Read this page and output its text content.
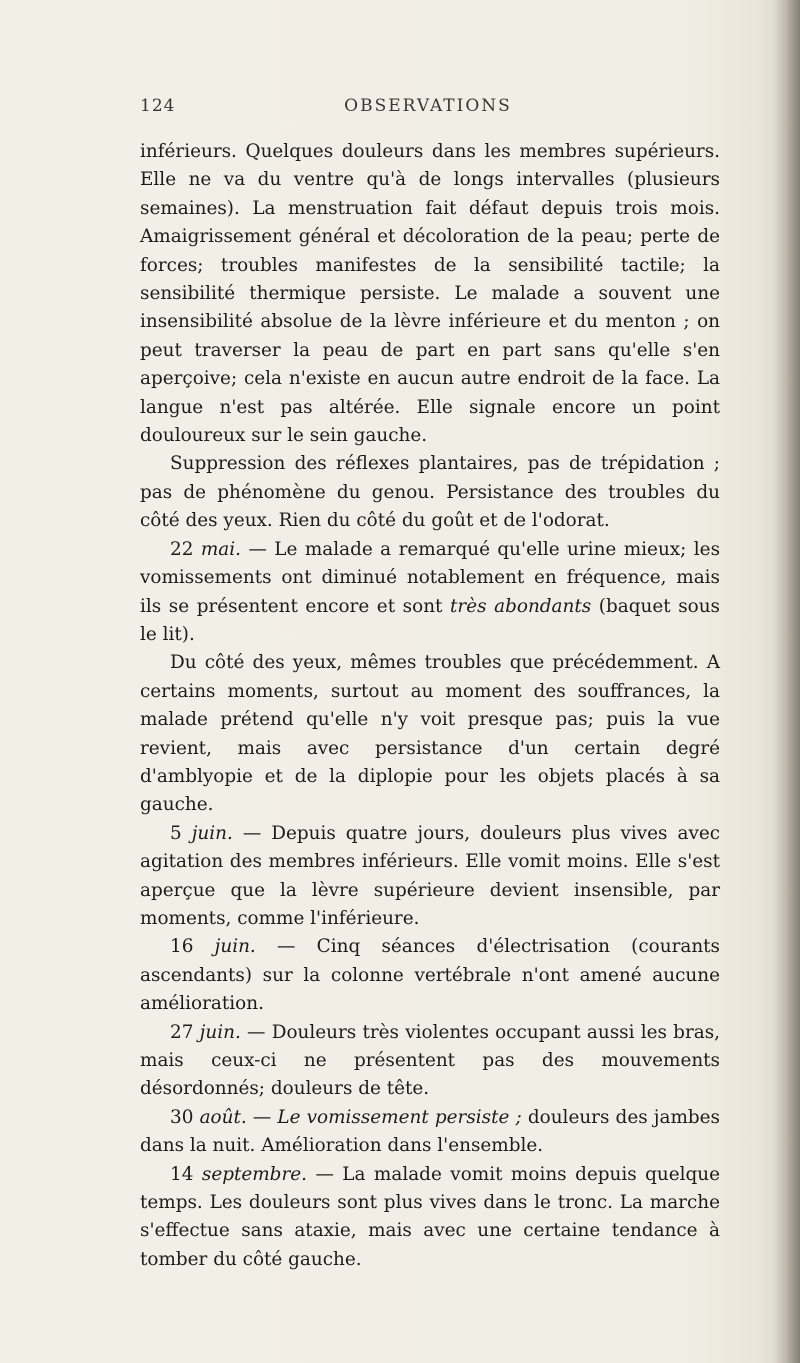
124	OBSERVATIONS

inférieurs. Quelques douleurs dans les membres supérieurs. Elle ne va du ventre qu'à de longs intervalles (plusieurs semaines). La menstruation fait défaut depuis trois mois. Amaigrissement général et décoloration de la peau; perte de forces; troubles manifestes de la sensibilité tactile; la sensibilité thermique persiste. Le malade a souvent une insensibilité absolue de la lèvre inférieure et du menton ; on peut traverser la peau de part en part sans qu'elle s'en aperçoive; cela n'existe en aucun autre endroit de la face. La langue n'est pas altérée. Elle signale encore un point douloureux sur le sein gauche.

Suppression des réflexes plantaires, pas de trépidation ; pas de phénomène du genou. Persistance des troubles du côté des yeux. Rien du côté du goût et de l'odorat.

22 mai. — Le malade a remarqué qu'elle urine mieux; les vomissements ont diminué notablement en fréquence, mais ils se présentent encore et sont très abondants (baquet sous le lit).

Du côté des yeux, mêmes troubles que précédemment. A certains moments, surtout au moment des souffrances, la malade prétend qu'elle n'y voit presque pas; puis la vue revient, mais avec persistance d'un certain degré d'amblyopie et de la diplopie pour les objets placés à sa gauche.

5 juin. — Depuis quatre jours, douleurs plus vives avec agitation des membres inférieurs. Elle vomit moins. Elle s'est aperçue que la lèvre supérieure devient insensible, par moments, comme l'inférieure.

16 juin. — Cinq séances d'électrisation (courants ascendants) sur la colonne vertébrale n'ont amené aucune amélioration.

27 juin. — Douleurs très violentes occupant aussi les bras, mais ceux-ci ne présentent pas des mouvements désordonnés; douleurs de tête.

30 août. — Le vomissement persiste ; douleurs des jambes dans la nuit. Amélioration dans l'ensemble.

14 septembre. — La malade vomit moins depuis quelque temps. Les douleurs sont plus vives dans le tronc. La marche s'effectue sans ataxie, mais avec une certaine tendance à tomber du côté gauche.
